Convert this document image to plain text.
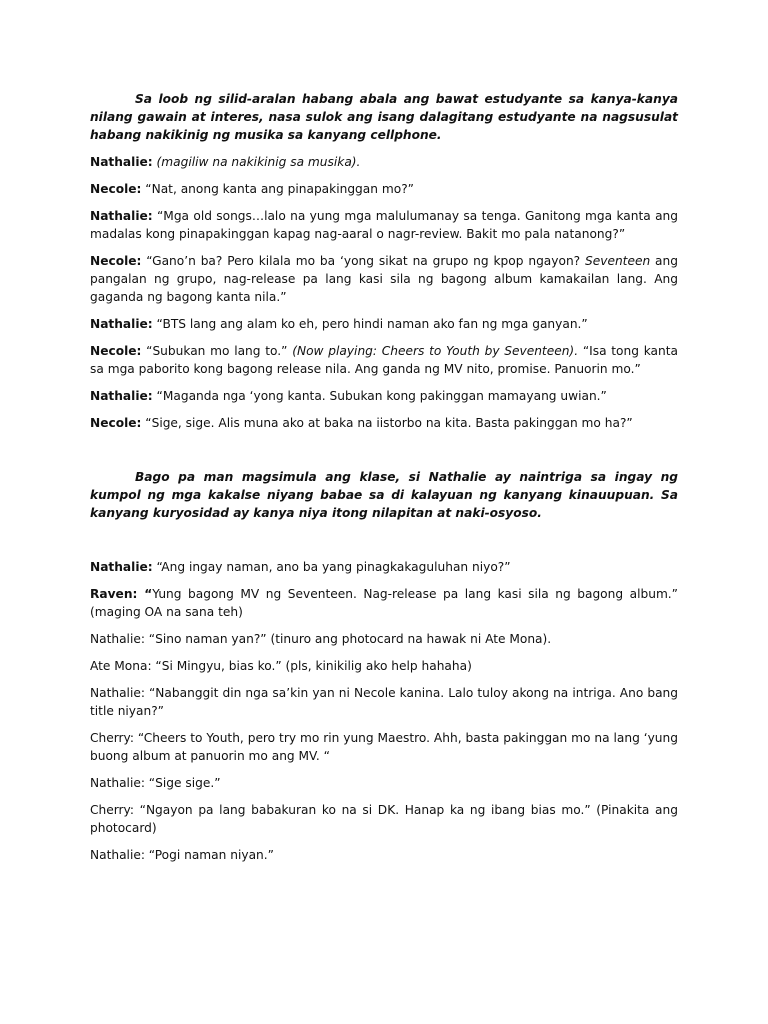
Sa loob ng silid-aralan habang abala ang bawat estudyante sa kanya-kanya nilang gawain at interes, nasa sulok ang isang dalagitang estudyante na nagsusulat habang nakikinig ng musika sa kanyang cellphone.

Nathalie: (magiliw na nakikinig sa musika).

Necole: “Nat, anong kanta ang pinapakinggan mo?”

Nathalie: “Mga old songs…lalo na yung mga malulumanay sa tenga. Ganitong mga kanta ang madalas kong pinapakinggan kapag nag-aaral o nagr-review. Bakit mo pala natanong?”

Necole: “Gano’n ba? Pero kilala mo ba ‘yong sikat na grupo ng kpop ngayon? Seventeen ang pangalan ng grupo, nag-release pa lang kasi sila ng bagong album kamakailan lang. Ang gaganda ng bagong kanta nila.”

Nathalie: “BTS lang ang alam ko eh, pero hindi naman ako fan ng mga ganyan.”

Necole: “Subukan mo lang to.” (Now playing: Cheers to Youth by Seventeen). “Isa tong kanta sa mga paborito kong bagong release nila. Ang ganda ng MV nito, promise. Panuorin mo.”

Nathalie: “Maganda nga ‘yong kanta. Subukan kong pakinggan mamayang uwian.”

Necole: “Sige, sige. Alis muna ako at baka na iistorbo na kita. Basta pakinggan mo ha?”

Bago pa man magsimula ang klase, si Nathalie ay naintriga sa ingay ng kumpol ng mga kakalse niyang babae sa di kalayuan ng kanyang kinauupuan. Sa kanyang kuryosidad ay kanya niya itong nilapitan at naki-osyoso.

Nathalie: “Ang ingay naman, ano ba yang pinagkakaguluhan niyo?”

Raven: “Yung bagong MV ng Seventeen. Nag-release pa lang kasi sila ng bagong album.” (maging OA na sana teh)

Nathalie: “Sino naman yan?” (tinuro ang photocard na hawak ni Ate Mona).

Ate Mona: “Si Mingyu, bias ko.” (pls, kinikilig ako help hahaha)

Nathalie: “Nabanggit din nga sa’kin yan ni Necole kanina. Lalo tuloy akong na intriga. Ano bang title niyan?”

Cherry: “Cheers to Youth, pero try mo rin yung Maestro. Ahh, basta pakinggan mo na lang ‘yung buong album at panuorin mo ang MV. “

Nathalie: “Sige sige.”

Cherry: “Ngayon pa lang babakuran ko na si DK. Hanap ka ng ibang bias mo.” (Pinakita ang photocard)

Nathalie: “Pogi naman niyan.”
